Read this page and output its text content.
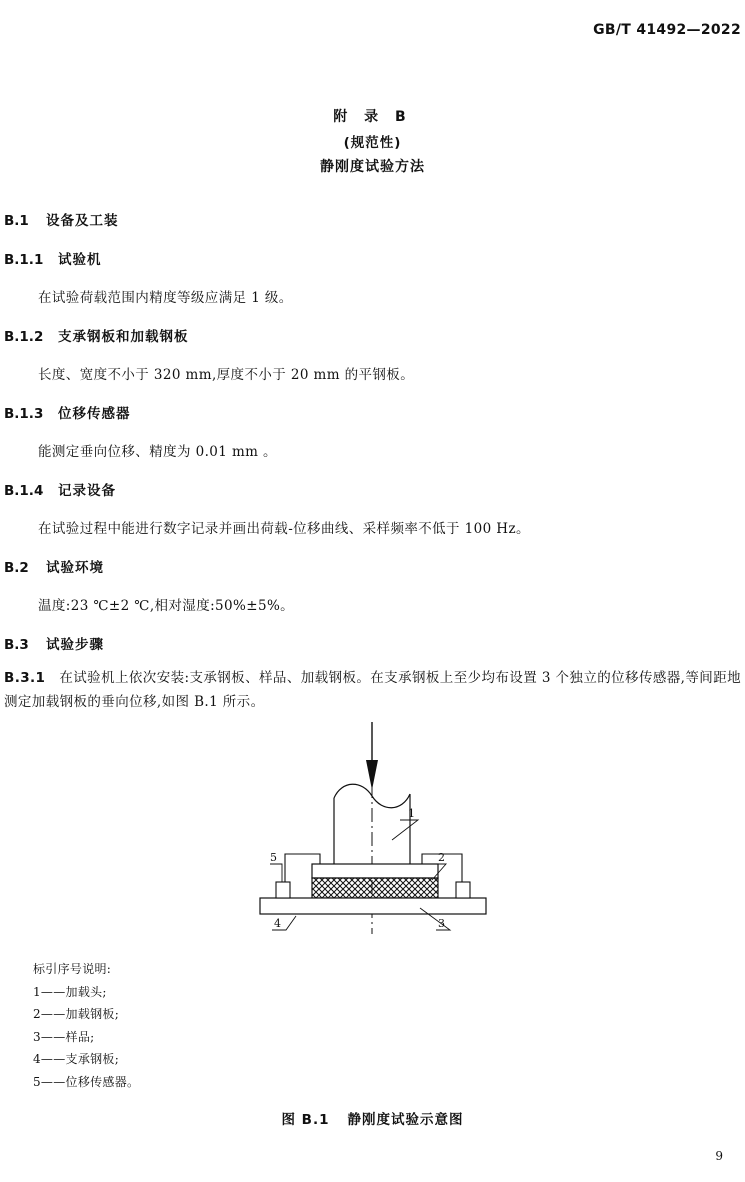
GB/T 41492—2022
附 录 B
(规范性)
静刚度试验方法
B.1 设备及工装
B.1.1 试验机
在试验荷载范围内精度等级应满足 1 级。
B.1.2 支承钢板和加载钢板
长度、宽度不小于 320 mm,厚度不小于 20 mm 的平钢板。
B.1.3 位移传感器
能测定垂向位移、精度为 0.01 mm 。
B.1.4 记录设备
在试验过程中能进行数字记录并画出荷载-位移曲线、采样频率不低于 100 Hz。
B.2 试验环境
温度:23 ℃±2 ℃,相对湿度:50%±5%。
B.3 试验步骤
B.3.1 在试验机上依次安装:支承钢板、样品、加载钢板。在支承钢板上至少均布设置 3 个独立的位移传感器,等间距地测定加载钢板的垂向位移,如图 B.1 所示。
1
2
3
4
5
标引序号说明:
1——加载头;
2——加载钢板;
3——样品;
4——支承钢板;
5——位移传感器。
图 B.1 静刚度试验示意图
9
